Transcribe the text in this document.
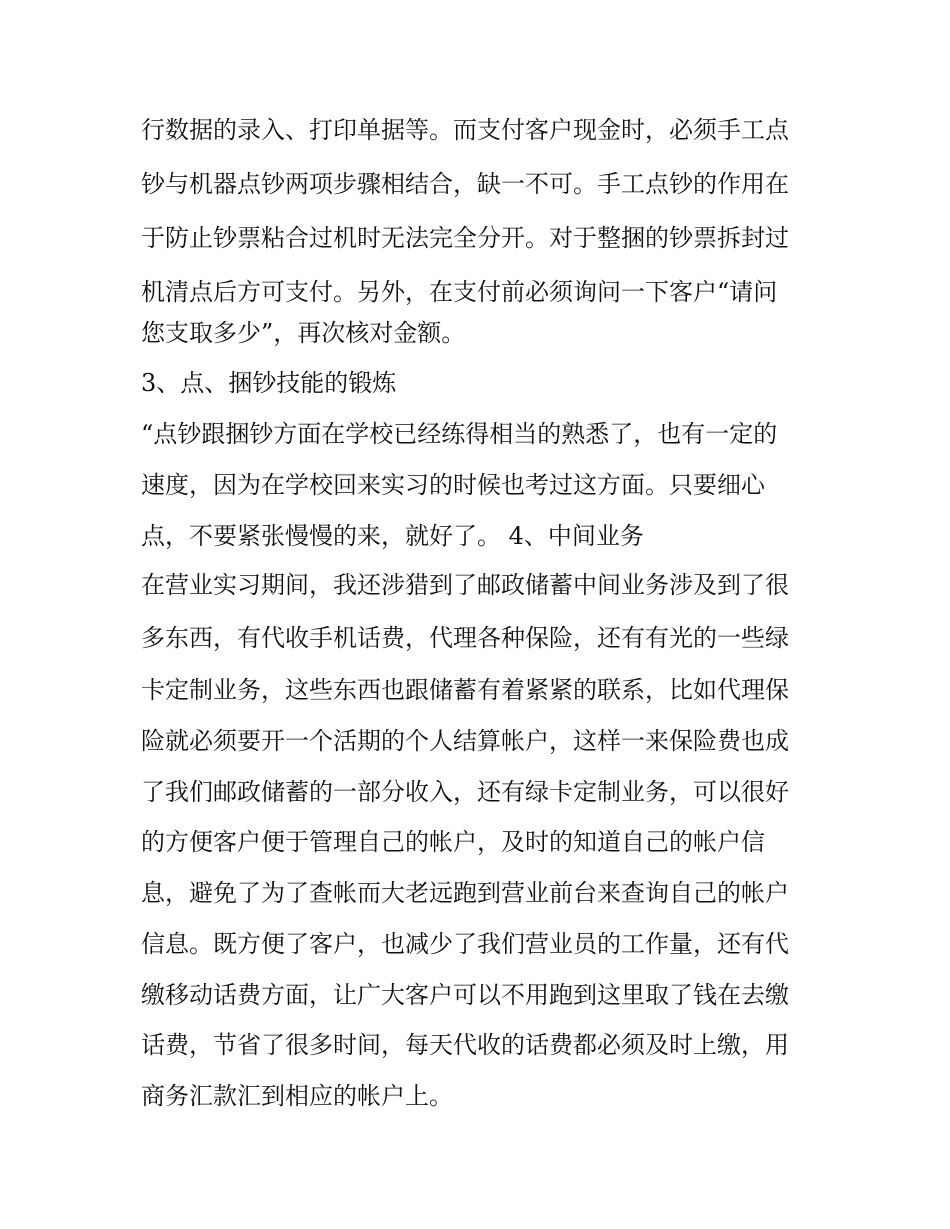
行数据的录入、打印单据等。而支付客户现金时，必须手工点
钞与机器点钞两项步骤相结合，缺一不可。手工点钞的作用在
于防止钞票粘合过机时无法完全分开。对于整捆的钞票拆封过
机清点后方可支付。另外，在支付前必须询问一下客户“请问
您支取多少”，再次核对金额。
3、点、捆钞技能的锻炼
“点钞跟捆钞方面在学校已经练得相当的熟悉了，也有一定的
速度，因为在学校回来实习的时候也考过这方面。只要细心
点，不要紧张慢慢的来，就好了。 4、中间业务
在营业实习期间，我还涉猎到了邮政储蓄中间业务涉及到了很
多东西，有代收手机话费，代理各种保险，还有有光的一些绿
卡定制业务，这些东西也跟储蓄有着紧紧的联系，比如代理保
险就必须要开一个活期的个人结算帐户，这样一来保险费也成
了我们邮政储蓄的一部分收入，还有绿卡定制业务，可以很好
的方便客户便于管理自己的帐户，及时的知道自己的帐户信
息，避免了为了查帐而大老远跑到营业前台来查询自己的帐户
信息。既方便了客户，也减少了我们营业员的工作量，还有代
缴移动话费方面，让广大客户可以不用跑到这里取了钱在去缴
话费，节省了很多时间，每天代收的话费都必须及时上缴，用
商务汇款汇到相应的帐户上。
